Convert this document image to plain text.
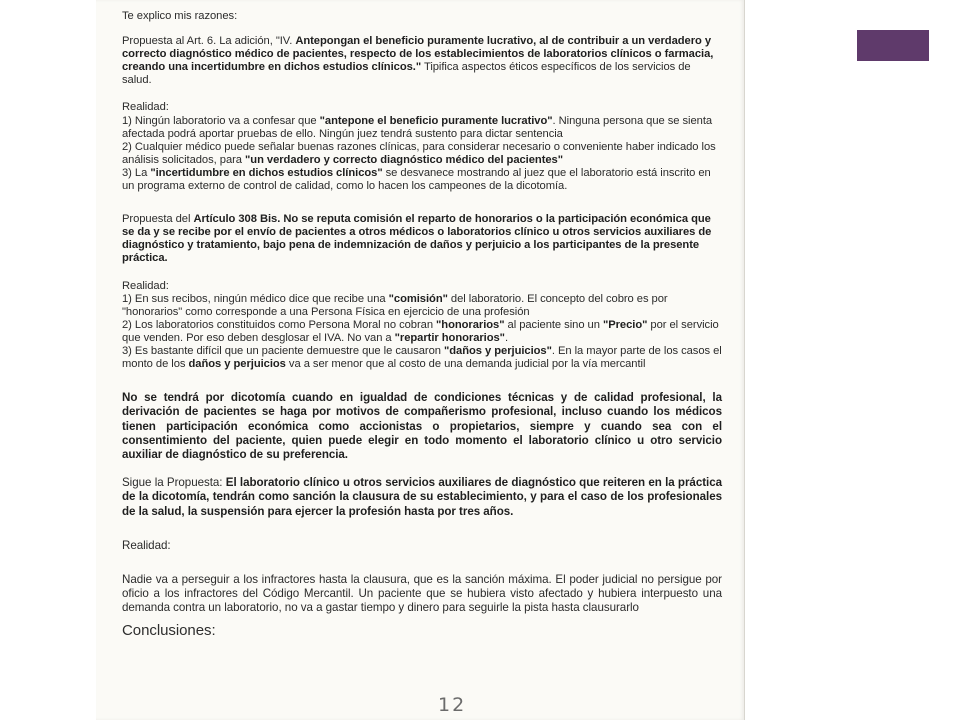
Te explico mis razones:

Propuesta al Art. 6. La adición, "IV. Antepongan el beneficio puramente lucrativo, al de contribuir a un verdadero y correcto diagnóstico médico de pacientes, respecto de los establecimientos de laboratorios clínicos o farmacia, creando una incertidumbre en dichos estudios clínicos." Tipifica aspectos éticos específicos de los servicios de salud.

Realidad:

1) Ningún laboratorio va a confesar que "antepone el beneficio puramente lucrativo". Ninguna persona que se sienta afectada podrá aportar pruebas de ello. Ningún juez tendrá sustento para dictar sentencia

2) Cualquier médico puede señalar buenas razones clínicas, para considerar necesario o conveniente haber indicado los análisis solicitados, para "un verdadero y correcto diagnóstico médico del pacientes"

3) La "incertidumbre en dichos estudios clínicos" se desvanece mostrando al juez que el laboratorio está inscrito en un programa externo de control de calidad, como lo hacen los campeones de la dicotomía.

Propuesta del Artículo 308 Bis. No se reputa comisión el reparto de honorarios o la participación económica que se da y se recibe por el envío de pacientes a otros médicos o laboratorios clínico u otros servicios auxiliares de diagnóstico y tratamiento, bajo pena de indemnización de daños y perjuicio a los participantes de la presente práctica.

Realidad:

1) En sus recibos, ningún médico dice que recibe una "comisión" del laboratorio. El concepto del cobro es por "honorarios" como corresponde a una Persona Física en ejercicio de una profesión

2) Los laboratorios constituidos como Persona Moral no cobran "honorarios" al paciente sino un "Precio" por el servicio que venden. Por eso deben desglosar el IVA. No van a "repartir honorarios".

3) Es bastante difícil que un paciente demuestre que le causaron "daños y perjuicios". En la mayor parte de los casos el monto de los daños y perjuicios va a ser menor que al costo de una demanda judicial por la vía mercantil

No se tendrá por dicotomía cuando en igualdad de condiciones técnicas y de calidad profesional, la derivación de pacientes se haga por motivos de compañerismo profesional, incluso cuando los médicos tienen participación económica como accionistas o propietarios, siempre y cuando sea con el consentimiento del paciente, quien puede elegir en todo momento el laboratorio clínico u otro servicio auxiliar de diagnóstico de su preferencia.

Sigue la Propuesta: El laboratorio clínico u otros servicios auxiliares de diagnóstico que reiteren en la práctica de la dicotomía, tendrán como sanción la clausura de su establecimiento, y para el caso de los profesionales de la salud, la suspensión para ejercer la profesión hasta por tres años.

Realidad:

Nadie va a perseguir a los infractores hasta la clausura, que es la sanción máxima. El poder judicial no persigue por oficio a los infractores del Código Mercantil. Un paciente que se hubiera visto afectado y hubiera interpuesto una demanda contra un laboratorio, no va a gastar tiempo y dinero para seguirle la pista hasta clausurarlo

Conclusiones:

12
